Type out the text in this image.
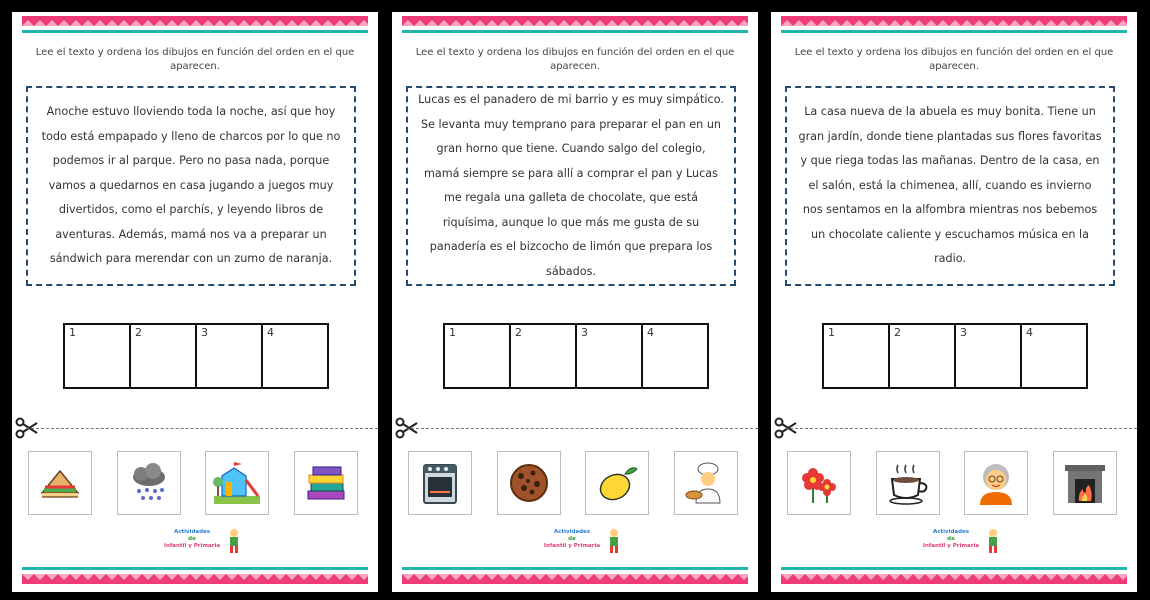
Lee el texto y ordena los dibujos en función del orden en el que aparecen.
Anoche estuvo lloviendo toda la noche, así que hoy todo está empapado y lleno de charcos por lo que no podemos ir al parque. Pero no pasa nada, porque vamos a quedarnos en casa jugando a juegos muy divertidos, como el parchís, y leyendo libros de aventuras. Además, mamá nos va a preparar un sándwich para merendar con un zumo de naranja.
1	2	3	4
Actividades
de
Infantil y Primaria
Lee el texto y ordena los dibujos en función del orden en el que aparecen.
Lucas es el panadero de mi barrio y es muy simpático. Se levanta muy temprano para preparar el pan en un gran horno que tiene. Cuando salgo del colegio, mamá siempre se para allí a comprar el pan y Lucas me regala una galleta de chocolate, que está riquísima, aunque lo que más me gusta de su panadería es el bizcocho de limón que prepara los sábados.
1	2	3	4
Actividades
de
Infantil y Primaria
Lee el texto y ordena los dibujos en función del orden en el que aparecen.
La casa nueva de la abuela es muy bonita. Tiene un gran jardín, donde tiene plantadas sus flores favoritas y que riega todas las mañanas. Dentro de la casa, en el salón, está la chimenea, allí, cuando es invierno nos sentamos en la alfombra mientras nos bebemos un chocolate caliente y escuchamos música en la radio.
1	2	3	4
Actividades
de
Infantil y Primaria
